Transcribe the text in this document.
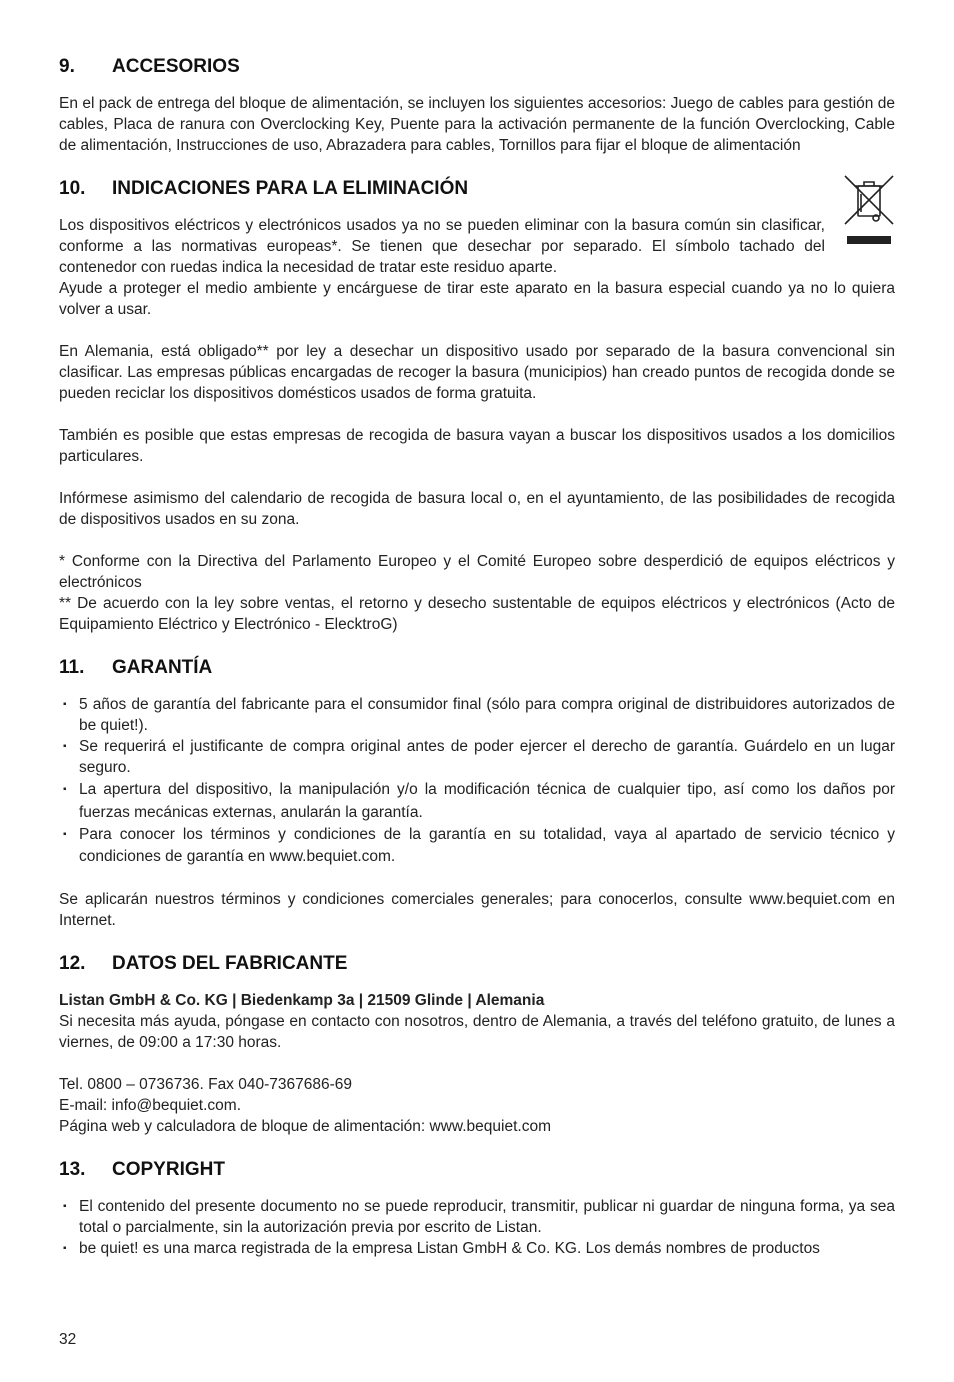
9. ACCESORIOS

En el pack de entrega del bloque de alimentación, se incluyen los siguientes accesorios: Juego de cables para gestión de cables, Placa de ranura con Overclocking Key, Puente para la activación permanente de la función Overclocking, Cable de alimentación, Instrucciones de uso, Abrazadera para cables, Tornillos para fijar el bloque de alimentación

10. INDICACIONES PARA LA ELIMINACIÓN

Los dispositivos eléctricos y electrónicos usados ya no se pueden eliminar con la basura común sin clasificar, conforme a las normativas europeas*. Se tienen que desechar por separado. El símbolo tachado del contenedor con ruedas indica la necesidad de tratar este residuo aparte.

Ayude a proteger el medio ambiente y encárguese de tirar este aparato en la basura especial cuando ya no lo quiera volver a usar.

En Alemania, está obligado** por ley a desechar un dispositivo usado por separado de la basura convencional sin clasificar. Las empresas públicas encargadas de recoger la basura (municipios) han creado puntos de recogida donde se pueden reciclar los dispositivos domésticos usados de forma gratuita.

También es posible que estas empresas de recogida de basura vayan a buscar los dispositivos usados a los domicilios particulares.

Infórmese asimismo del calendario de recogida de basura local o, en el ayuntamiento, de las posibilidades de recogida de dispositivos usados en su zona.

* Conforme con la Directiva del Parlamento Europeo y el Comité Europeo sobre desperdició de equipos eléctricos y electrónicos

** De acuerdo con la ley sobre ventas, el retorno y desecho sustentable de equipos eléctricos y electrónicos (Acto de Equipamiento Eléctrico y Electrónico - ElecktroG)

11. GARANTÍA
▪ 5 años de garantía del fabricante para el consumidor final (sólo para compra original de distribuidores autorizados de be quiet!).
▪ Se requerirá el justificante de compra original antes de poder ejercer el derecho de garantía. Guárdelo en un lugar seguro.
▪ La apertura del dispositivo, la manipulación y/o la modificación técnica de cualquier tipo, así como los daños por fuerzas mecánicas externas, anularán la garantía.
▪ Para conocer los términos y condiciones de la garantía en su totalidad, vaya al apartado de servicio técnico y condiciones de garantía en www.bequiet.com.

Se aplicarán nuestros términos y condiciones comerciales generales; para conocerlos, consulte www.bequiet.com en Internet.

12. DATOS DEL FABRICANTE

Listan GmbH & Co. KG | Biedenkamp 3a | 21509 Glinde | Alemania

Si necesita más ayuda, póngase en contacto con nosotros, dentro de Alemania, a través del teléfono gratuito, de lunes a viernes, de 09:00 a 17:30 horas.

Tel. 0800 – 0736736. Fax 040-7367686-69

E-mail: info@bequiet.com.

Página web y calculadora de bloque de alimentación: www.bequiet.com

13. COPYRIGHT
▪ El contenido del presente documento no se puede reproducir, transmitir, publicar ni guardar de ninguna forma, ya sea total o parcialmente, sin la autorización previa por escrito de Listan.
▪ be quiet! es una marca registrada de la empresa Listan GmbH & Co. KG. Los demás nombres de productos
32
